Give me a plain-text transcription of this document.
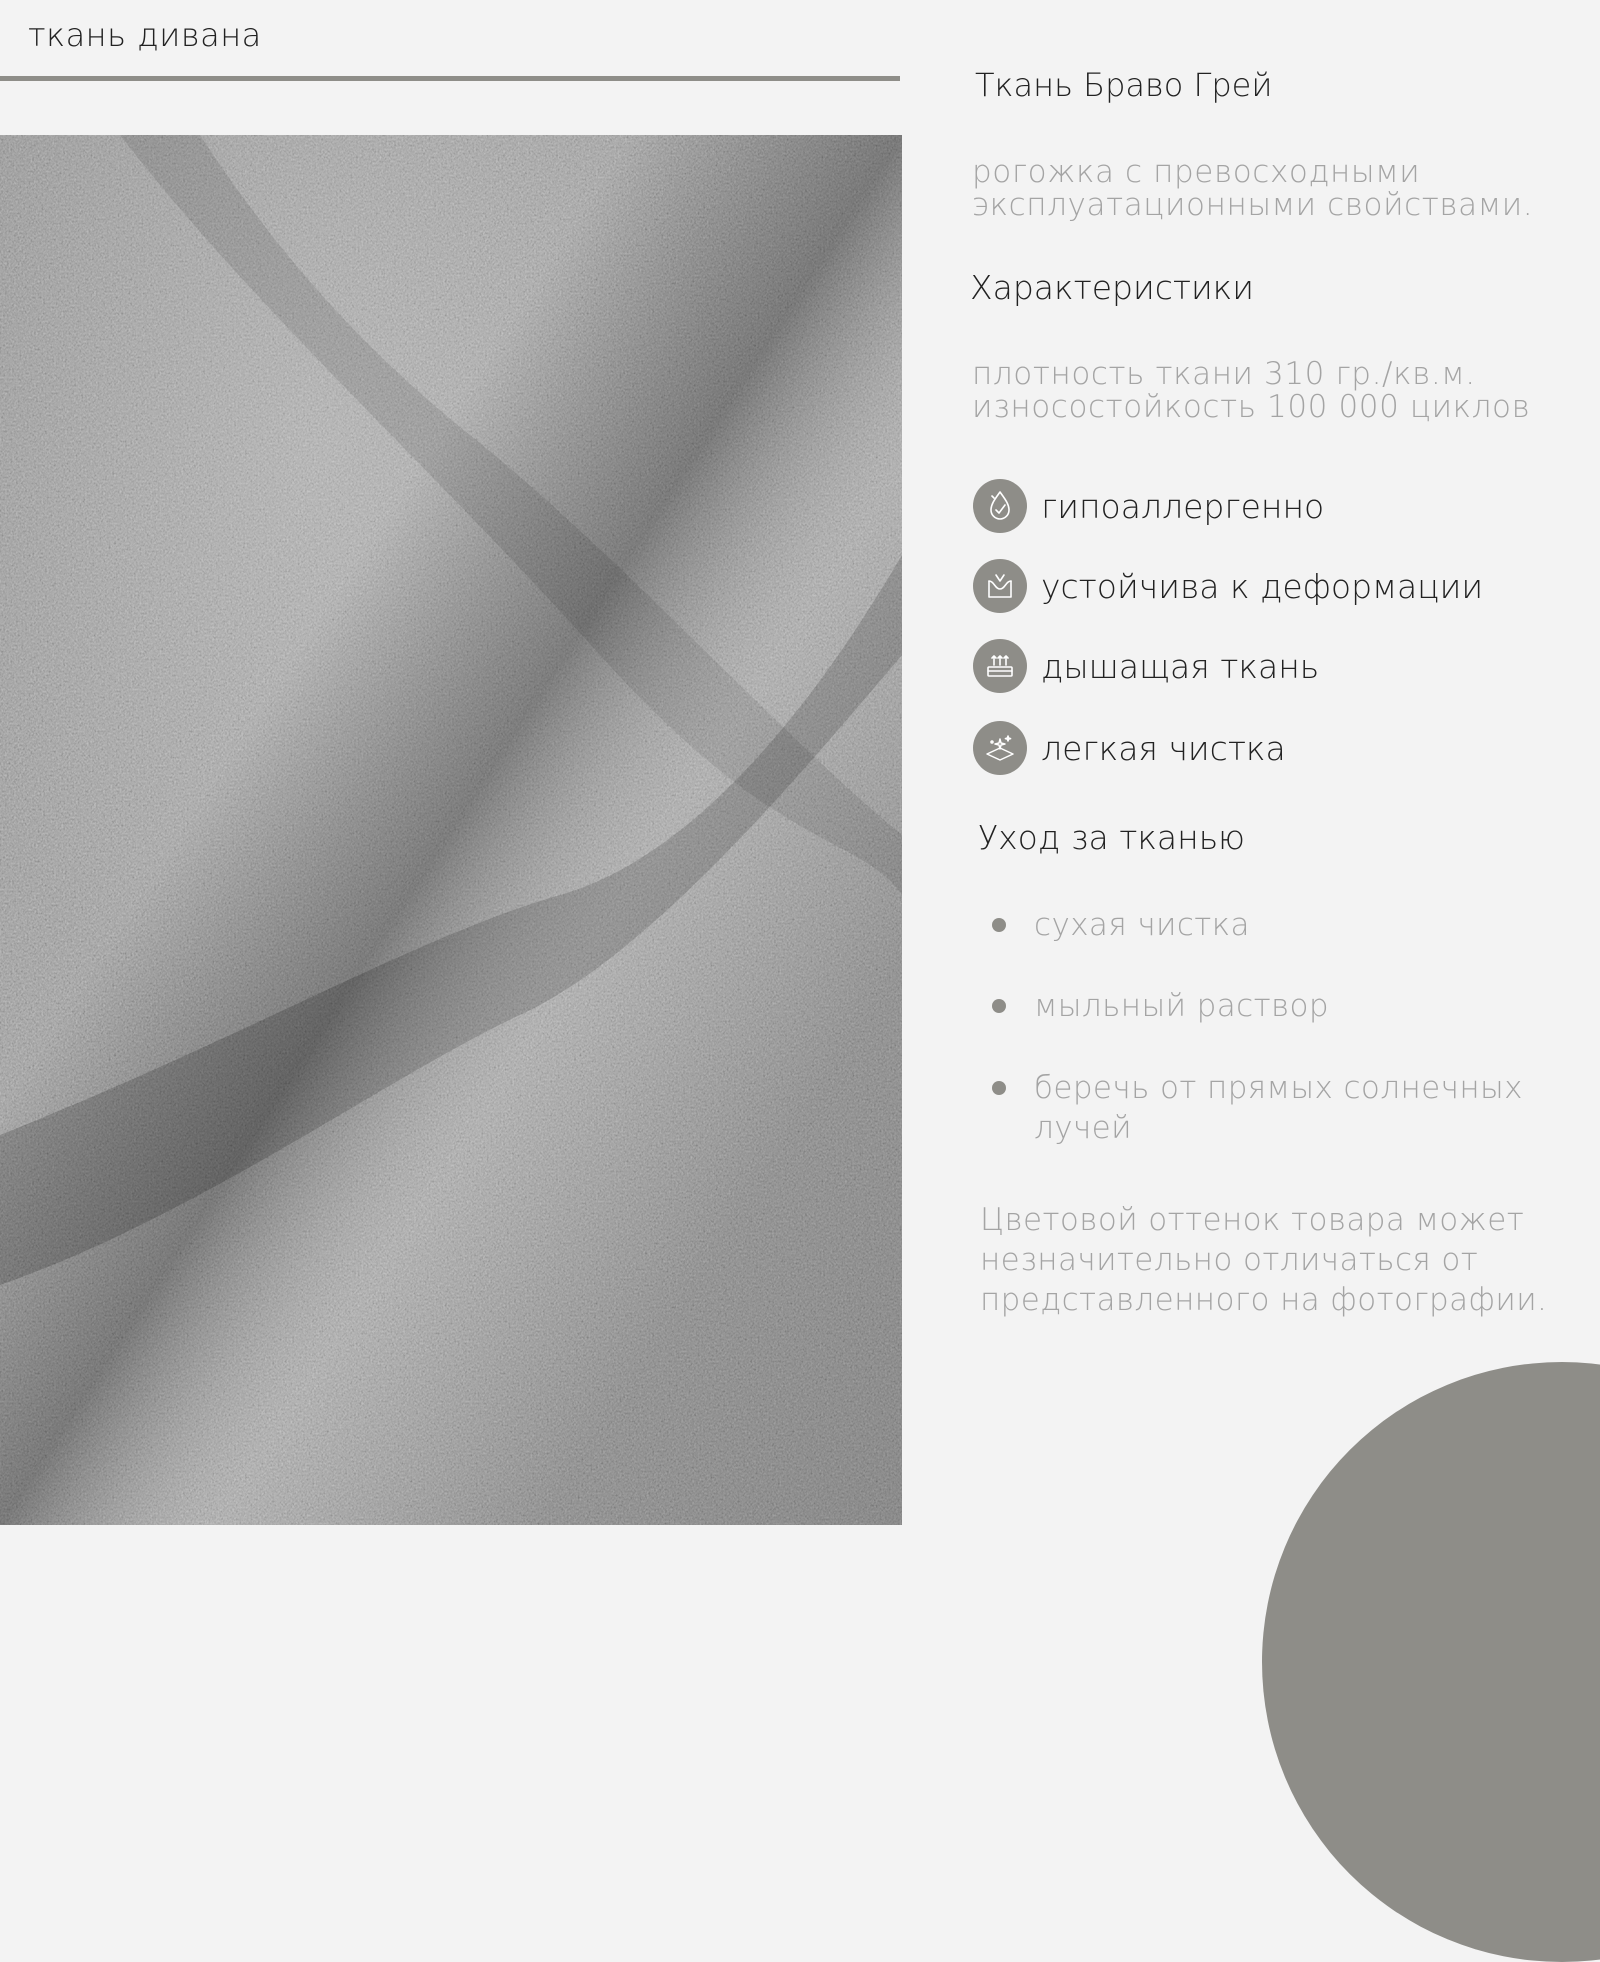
ткань дивана
Ткань Браво Грей
рогожка с превосходными
эксплуатационными свойствами.
Характеристики
плотность ткани 310 гр./кв.м.
износостойкость 100 000 циклов
гипоаллергенно
устойчива к деформации
дышащая ткань
легкая чистка
Уход за тканью
сухая чистка
мыльный раствор
беречь от прямых солнечных лучей
Цветовой оттенок товара может незначительно отличаться от представленного на фотографии.
